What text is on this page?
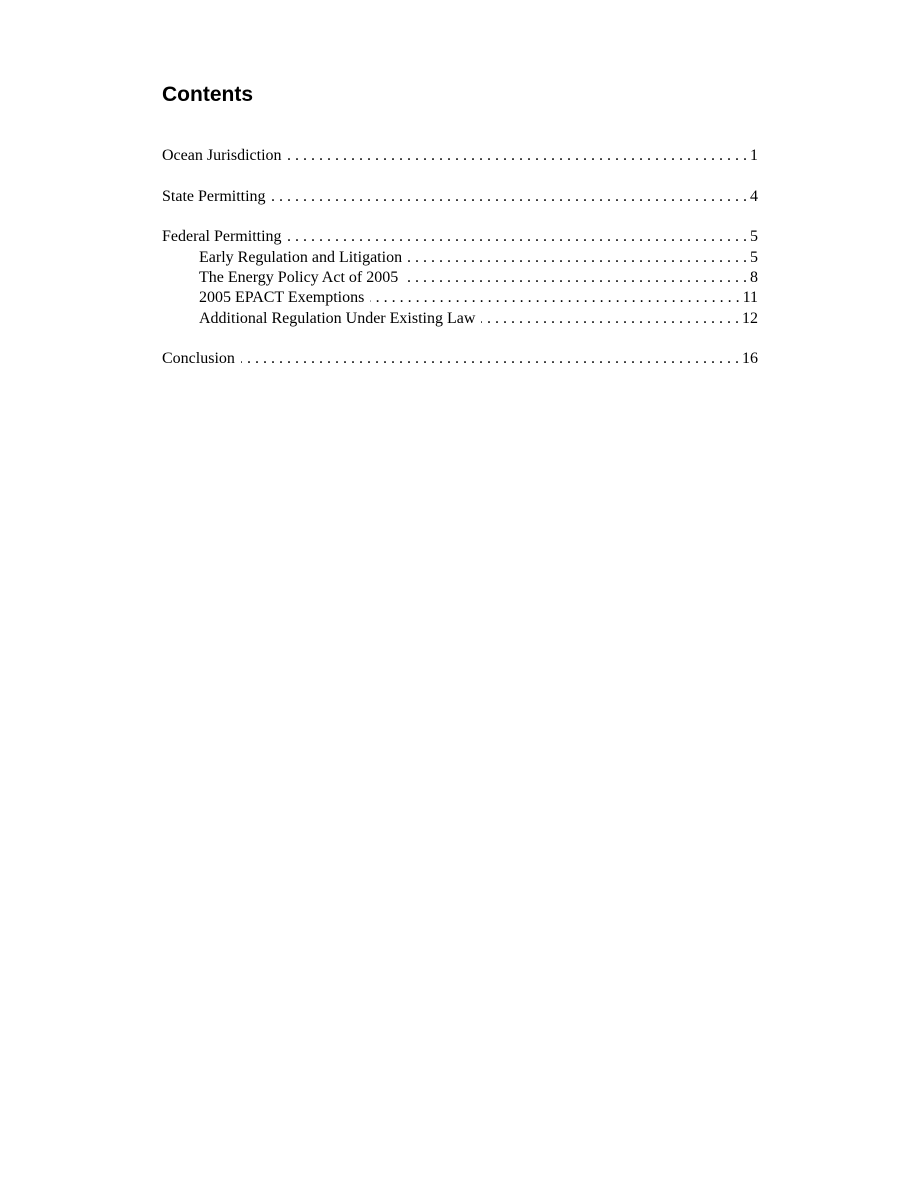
Contents
Ocean Jurisdiction . . .	1
State Permitting . . .	4
Federal Permitting . . .	5
Early Regulation and Litigation . . .	5
The Energy Policy Act of 2005 . . .	8
2005 EPACT Exemptions . . .	11
Additional Regulation Under Existing Law . . .	12
Conclusion . . .	16
